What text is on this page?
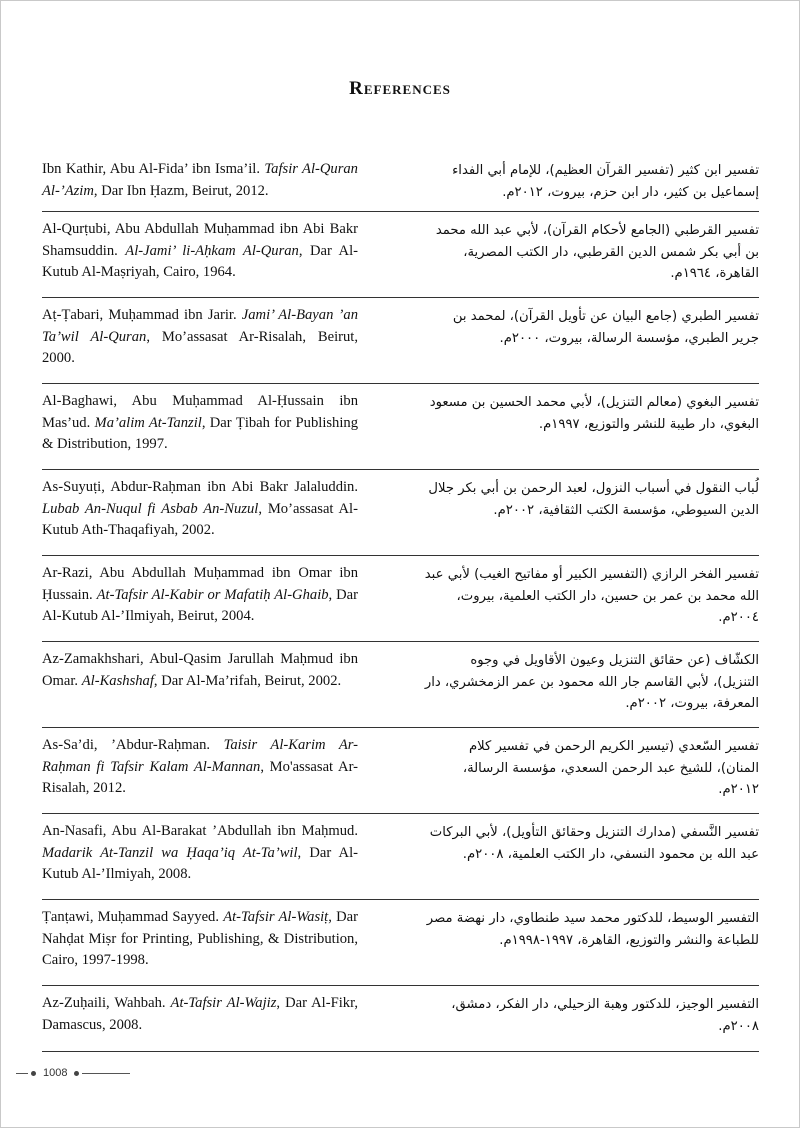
References
Ibn Kathir, Abu Al-Fida’ ibn Isma’il. Tafsir Al-Quran Al-’Azim, Dar Ibn Ḥazm, Beirut, 2012.
تفسير ابن كثير (تفسير القرآن العظيم)، للإمام أبي الفداء إسماعيل بن كثير، دار ابن حزم، بيروت، ٢٠١٢م.
Al-Qurṭubi, Abu Abdullah Muḥammad ibn Abi Bakr Shamsuddin. Al-Jami’ li-Aḥkam Al-Quran, Dar Al-Kutub Al-Maṣriyah, Cairo, 1964.
تفسير القرطبي (الجامع لأحكام القرآن)، لأبي عبد الله محمد بن أبي بكر شمس الدين القرطبي، دار الكتب المصرية، القاهرة، ١٩٦٤م.
Aṭ-Ṭabari, Muḥammad ibn Jarir. Jami’ Al-Bayan ’an Ta’wil Al-Quran, Mo’assasat Ar-Risalah, Beirut, 2000.
تفسير الطبري (جامع البيان عن تأويل القرآن)، لمحمد بن جرير الطبري، مؤسسة الرسالة، بيروت، ٢٠٠٠م.
Al-Baghawi, Abu Muḥammad Al-Ḥussain ibn Mas’ud. Ma’alim At-Tanzil, Dar Ṭibah for Publishing & Distribution, 1997.
تفسير البغوي (معالم التنزيل)، لأبي محمد الحسين بن مسعود البغوي، دار طيبة للنشر والتوزيع، ١٩٩٧م.
As-Suyuṭi, Abdur-Raḥman ibn Abi Bakr Jalaluddin. Lubab An-Nuqul fi Asbab An-Nuzul, Mo’assasat Al-Kutub Ath-Thaqafiyah, 2002.
لُباب النقول في أسباب النزول، لعبد الرحمن بن أبي بكر جلال الدين السيوطي، مؤسسة الكتب الثقافية، ٢٠٠٢م.
Ar-Razi, Abu Abdullah Muḥammad ibn Omar ibn Ḥussain. At-Tafsir Al-Kabir or Mafatiḥ Al-Ghaib, Dar Al-Kutub Al-’Ilmiyah, Beirut, 2004.
تفسير الفخر الرازي (التفسير الكبير أو مفاتيح الغيب) لأبي عبد الله محمد بن عمر بن حسين، دار الكتب العلمية، بيروت، ٢٠٠٤م.
Az-Zamakhshari, Abul-Qasim Jarullah Maḥmud ibn Omar. Al-Kashshaf, Dar Al-Ma’rifah, Beirut, 2002.
الكشّاف (عن حقائق التنزيل وعيون الأقاويل في وجوه التنزيل)، لأبي القاسم جار الله محمود بن عمر الزمخشري، دار المعرفة، بيروت، ٢٠٠٢م.
As-Sa’di, ’Abdur-Raḥman. Taisir Al-Karim Ar-Raḥman fi Tafsir Kalam Al-Mannan, Mo'assasat Ar-Risalah, 2012.
تفسير السّعدي (تيسير الكريم الرحمن في تفسير كلام المنان)، للشيخ عبد الرحمن السعدي، مؤسسة الرسالة، ٢٠١٢م.
An-Nasafi, Abu Al-Barakat ’Abdullah ibn Maḥmud. Madarik At-Tanzil wa Ḥaqa’iq At-Ta’wil, Dar Al-Kutub Al-’Ilmiyah, 2008.
تفسير النَّسفي (مدارك التنزيل وحقائق التأويل)، لأبي البركات عبد الله بن محمود النسفي، دار الكتب العلمية، ٢٠٠٨م.
Ṭanṭawi, Muḥammad Sayyed. At-Tafsir Al-Wasiṭ, Dar Nahḍat Miṣr for Printing, Publishing, & Distribution, Cairo, 1997-1998.
التفسير الوسيط، للدكتور محمد سيد طنطاوي، دار نهضة مصر للطباعة والنشر والتوزيع، القاهرة، ١٩٩٧-١٩٩٨م.
Az-Zuḥaili, Wahbah. At-Tafsir Al-Wajiz, Dar Al-Fikr, Damascus, 2008.
التفسير الوجيز، للدكتور وهبة الزحيلي، دار الفكر، دمشق، ٢٠٠٨م.
1008
